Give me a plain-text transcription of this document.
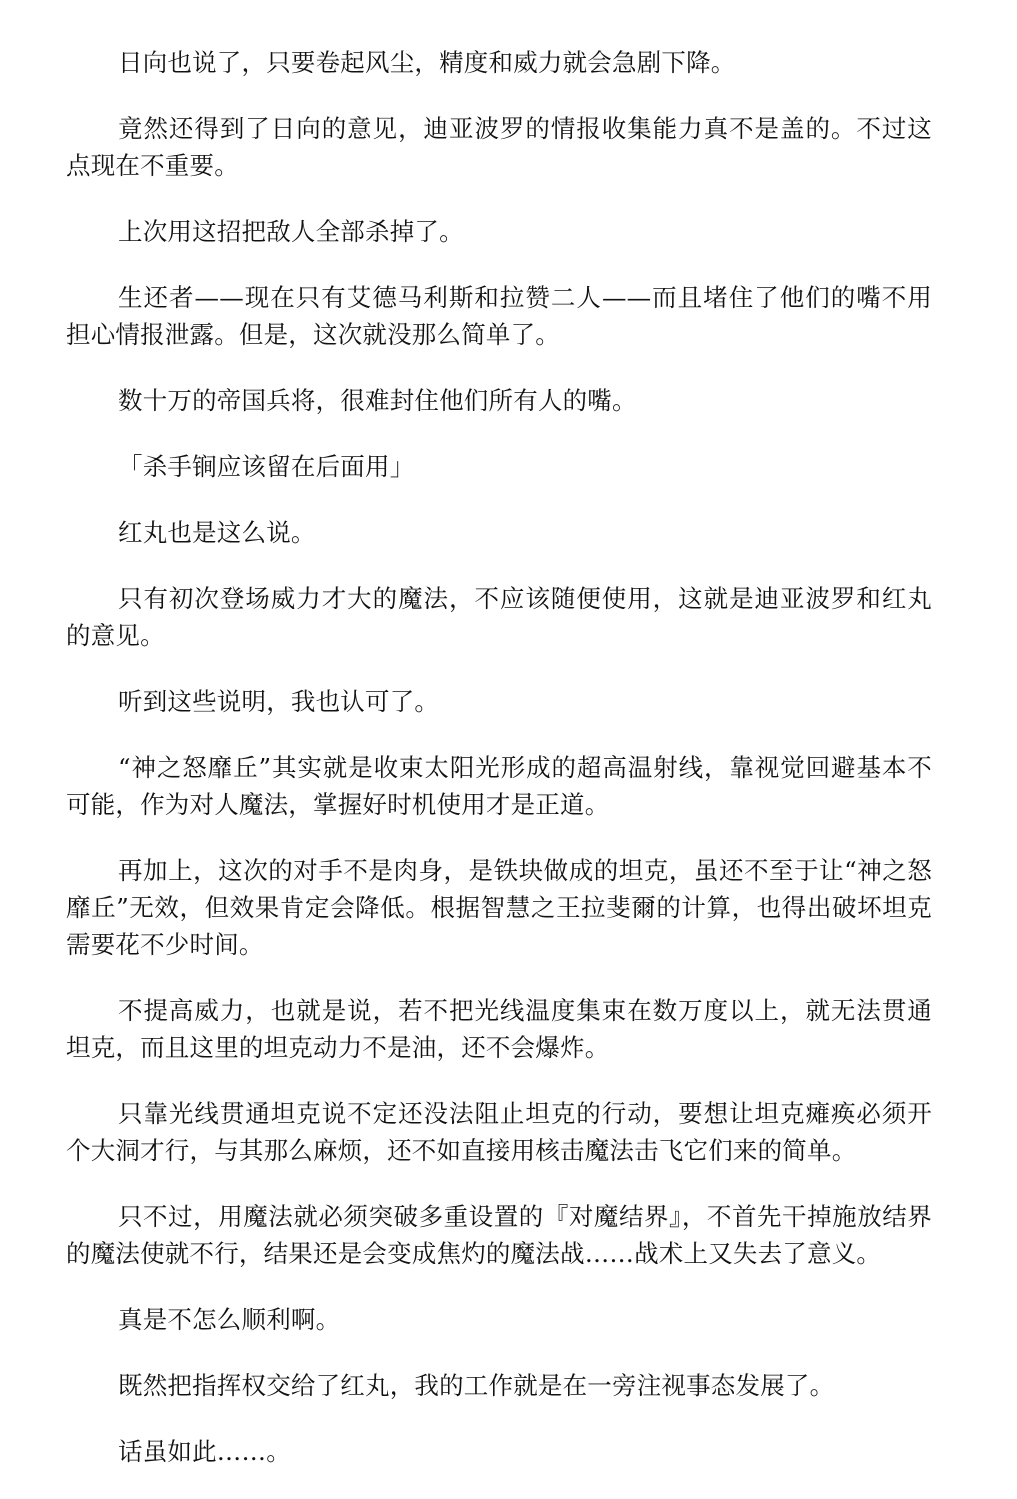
日向也说了，只要卷起风尘，精度和威力就会急剧下降。

竟然还得到了日向的意见，迪亚波罗的情报收集能力真不是盖的。不过这点现在不重要。

上次用这招把敌人全部杀掉了。

生还者——现在只有艾德马利斯和拉赞二人——而且堵住了他们的嘴不用担心情报泄露。但是，这次就没那么简单了。

数十万的帝国兵将，很难封住他们所有人的嘴。

「杀手锏应该留在后面用」

红丸也是这么说。

只有初次登场威力才大的魔法，不应该随便使用，这就是迪亚波罗和红丸的意见。

听到这些说明，我也认可了。

“神之怒靡丘”其实就是收束太阳光形成的超高温射线，靠视觉回避基本不可能，作为对人魔法，掌握好时机使用才是正道。

再加上，这次的对手不是肉身，是铁块做成的坦克，虽还不至于让“神之怒靡丘”无效，但效果肯定会降低。根据智慧之王拉斐爾的计算，也得出破坏坦克需要花不少时间。

不提高威力，也就是说，若不把光线温度集束在数万度以上，就无法贯通坦克，而且这里的坦克动力不是油，还不会爆炸。

只靠光线贯通坦克说不定还没法阻止坦克的行动，要想让坦克瘫痪必须开个大洞才行，与其那么麻烦，还不如直接用核击魔法击飞它们来的简单。

只不过，用魔法就必须突破多重设置的『对魔结界』，不首先干掉施放结界的魔法使就不行，结果还是会变成焦灼的魔法战……战术上又失去了意义。

真是不怎么顺利啊。

既然把指挥权交给了红丸，我的工作就是在一旁注视事态发展了。

话虽如此……。
